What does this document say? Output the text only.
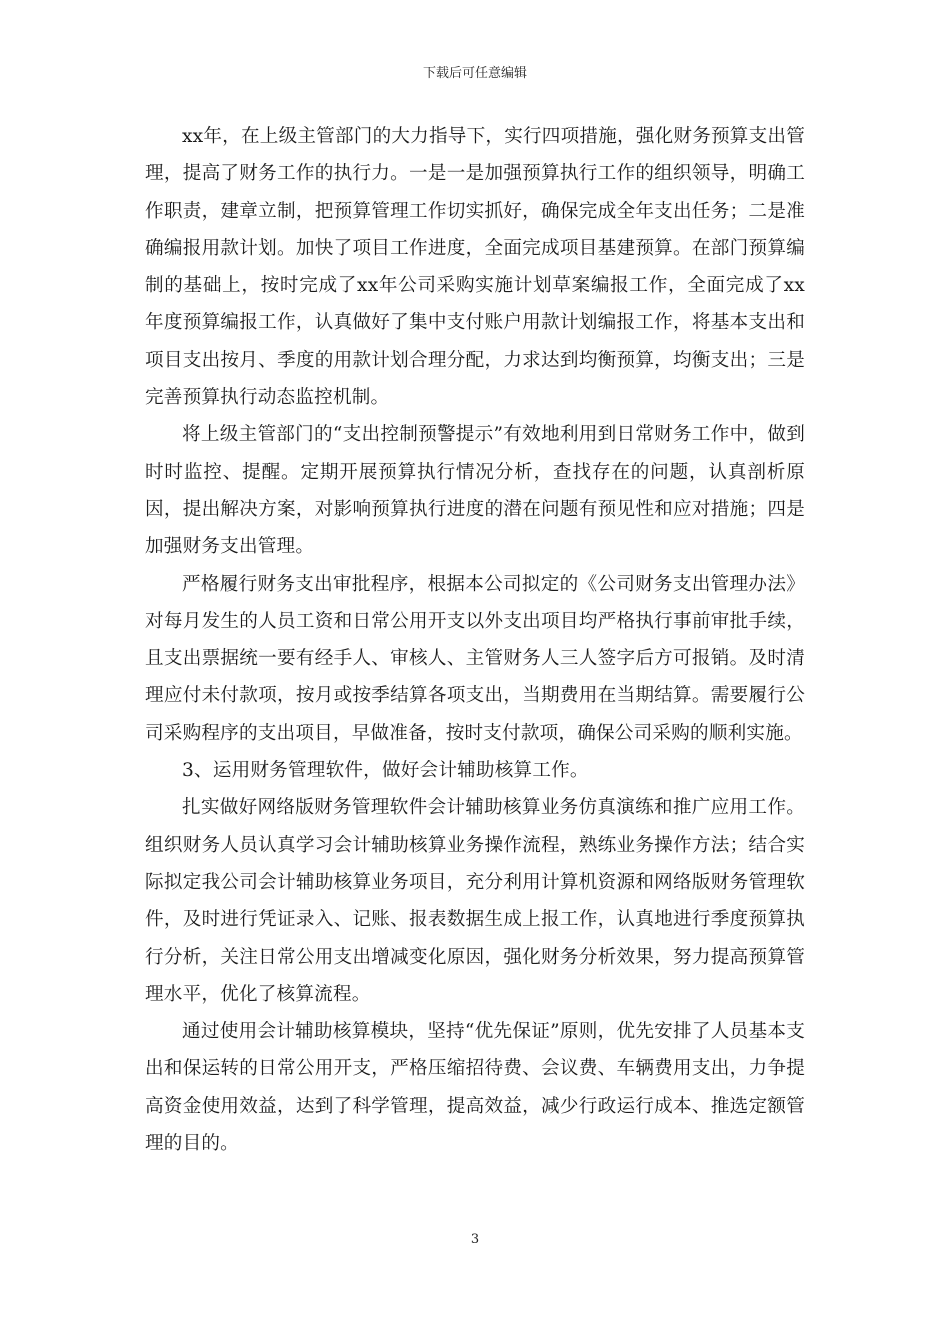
下载后可任意编辑

xx年，在上级主管部门的大力指导下，实行四项措施，强化财务预算支出管理，提高了财务工作的执行力。一是一是加强预算执行工作的组织领导，明确工作职责，建章立制，把预算管理工作切实抓好，确保完成全年支出任务；二是准确编报用款计划。加快了项目工作进度，全面完成项目基建预算。在部门预算编制的基础上，按时完成了xx年公司采购实施计划草案编报工作，全面完成了xx年度预算编报工作，认真做好了集中支付账户用款计划编报工作，将基本支出和项目支出按月、季度的用款计划合理分配，力求达到均衡预算，均衡支出；三是完善预算执行动态监控机制。

将上级主管部门的“支出控制预警提示”有效地利用到日常财务工作中，做到时时监控、提醒。定期开展预算执行情况分析，查找存在的问题，认真剖析原因，提出解决方案，对影响预算执行进度的潜在问题有预见性和应对措施；四是加强财务支出管理。

严格履行财务支出审批程序，根据本公司拟定的《公司财务支出管理办法》对每月发生的人员工资和日常公用开支以外支出项目均严格执行事前审批手续，且支出票据统一要有经手人、审核人、主管财务人三人签字后方可报销。及时清理应付未付款项，按月或按季结算各项支出，当期费用在当期结算。需要履行公司采购程序的支出项目，早做准备，按时支付款项，确保公司采购的顺利实施。

3、运用财务管理软件，做好会计辅助核算工作。

扎实做好网络版财务管理软件会计辅助核算业务仿真演练和推广应用工作。组织财务人员认真学习会计辅助核算业务操作流程，熟练业务操作方法；结合实际拟定我公司会计辅助核算业务项目，充分利用计算机资源和网络版财务管理软件，及时进行凭证录入、记账、报表数据生成上报工作，认真地进行季度预算执行分析，关注日常公用支出增减变化原因，强化财务分析效果，努力提高预算管理水平，优化了核算流程。

通过使用会计辅助核算模块，坚持“优先保证”原则，优先安排了人员基本支出和保运转的日常公用开支，严格压缩招待费、会议费、车辆费用支出，力争提高资金使用效益，达到了科学管理，提高效益，减少行政运行成本、推选定额管理的目的。

3
